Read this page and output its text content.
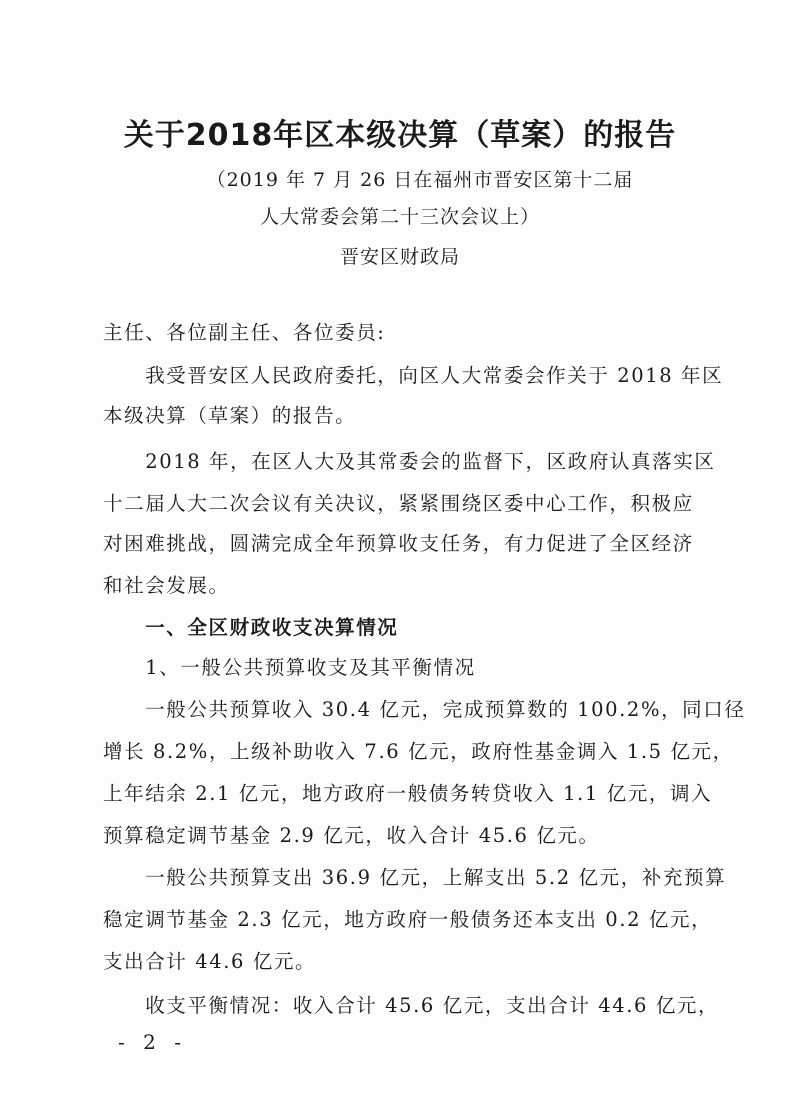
关于2018年区本级决算（草案）的报告
（2019 年 7 月 26 日在福州市晋安区第十二届
人大常委会第二十三次会议上）
晋安区财政局
主任、各位副主任、各位委员:
　　我受晋安区人民政府委托，向区人大常委会作关于 2018 年区
本级决算（草案）的报告。
　　2018 年，在区人大及其常委会的监督下，区政府认真落实区
十二届人大二次会议有关决议，紧紧围绕区委中心工作，积极应
对困难挑战，圆满完成全年预算收支任务，有力促进了全区经济
和社会发展。
　　一、全区财政收支决算情况
　　1、一般公共预算收支及其平衡情况
　　一般公共预算收入 30.4 亿元，完成预算数的 100.2%，同口径
增长 8.2%，上级补助收入 7.6 亿元，政府性基金调入 1.5 亿元，
上年结余 2.1 亿元，地方政府一般债务转贷收入 1.1 亿元，调入
预算稳定调节基金 2.9 亿元，收入合计 45.6 亿元。
　　一般公共预算支出 36.9 亿元，上解支出 5.2 亿元，补充预算
稳定调节基金 2.3 亿元，地方政府一般债务还本支出 0.2 亿元，
支出合计 44.6 亿元。
　　收支平衡情况：收入合计 45.6 亿元，支出合计 44.6 亿元，
- 2 -
